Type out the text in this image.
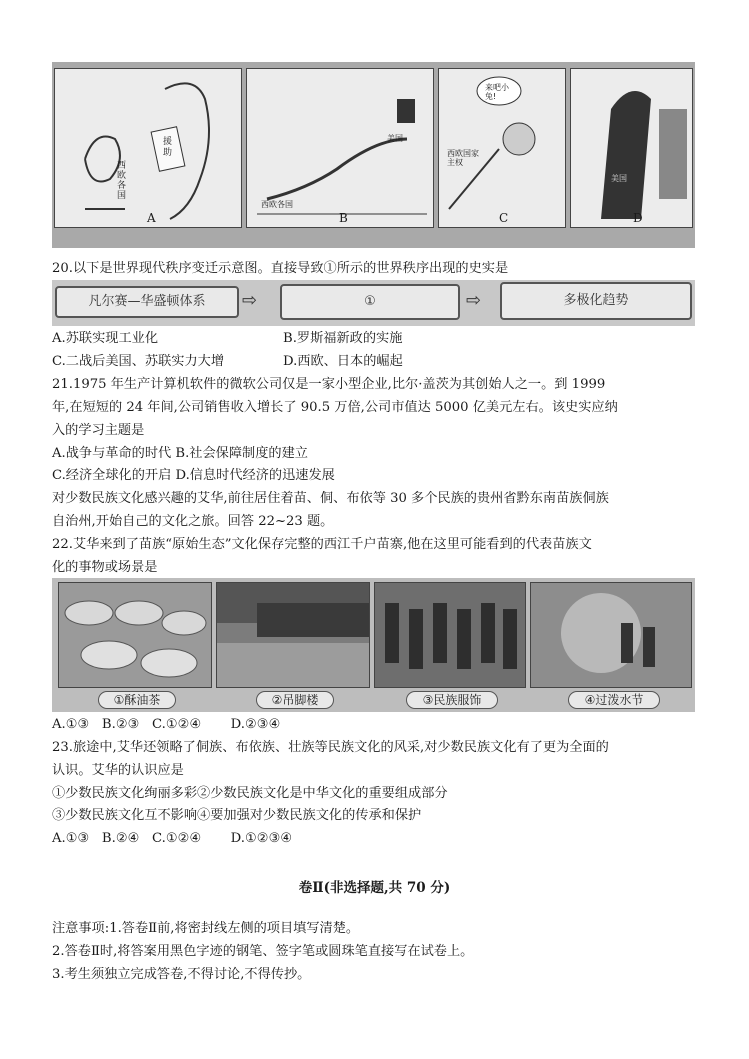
西欧各国
援助
A
美国
西欧各国
B
来吧小兔!
西欧国家主权
C
美国
D
20.以下是世界现代秩序变迁示意图。直接导致①所示的世界秩序出现的史实是
凡尔赛—华盛顿体系	⇨	①	⇨	多极化趋势
A.苏联实现工业化	B.罗斯福新政的实施
C.二战后美国、苏联实力大增	D.西欧、日本的崛起
21.1975 年生产计算机软件的微软公司仅是一家小型企业,比尔·盖茨为其创始人之一。到 1999
年,在短短的 24 年间,公司销售收入增长了 90.5 万倍,公司市值达 5000 亿美元左右。该史实应纳
入的学习主题是
A.战争与革命的时代 B.社会保障制度的建立
C.经济全球化的开启 D.信息时代经济的迅速发展
对少数民族文化感兴趣的艾华,前往居住着苗、侗、布依等 30 多个民族的贵州省黔东南苗族侗族
自治州,开始自己的文化之旅。回答 22~23 题。
22.艾华来到了苗族“原始生态”文化保存完整的西江千户苗寨,他在这里可能看到的代表苗族文
化的事物或场景是
①酥油茶	②吊脚楼	③民族服饰	④过泼水节
A.①③   B.②③   C.①②④       D.②③④
23.旅途中,艾华还领略了侗族、布依族、壮族等民族文化的风采,对少数民族文化有了更为全面的
认识。艾华的认识应是
①少数民族文化绚丽多彩②少数民族文化是中华文化的重要组成部分
③少数民族文化互不影响④要加强对少数民族文化的传承和保护
A.①③   B.②④   C.①②④       D.①②③④
卷Ⅱ(非选择题,共 70 分)
注意事项:1.答卷Ⅱ前,将密封线左侧的项目填写清楚。
2.答卷Ⅱ时,将答案用黑色字迹的钢笔、签字笔或圆珠笔直接写在试卷上。
3.考生须独立完成答卷,不得讨论,不得传抄。
